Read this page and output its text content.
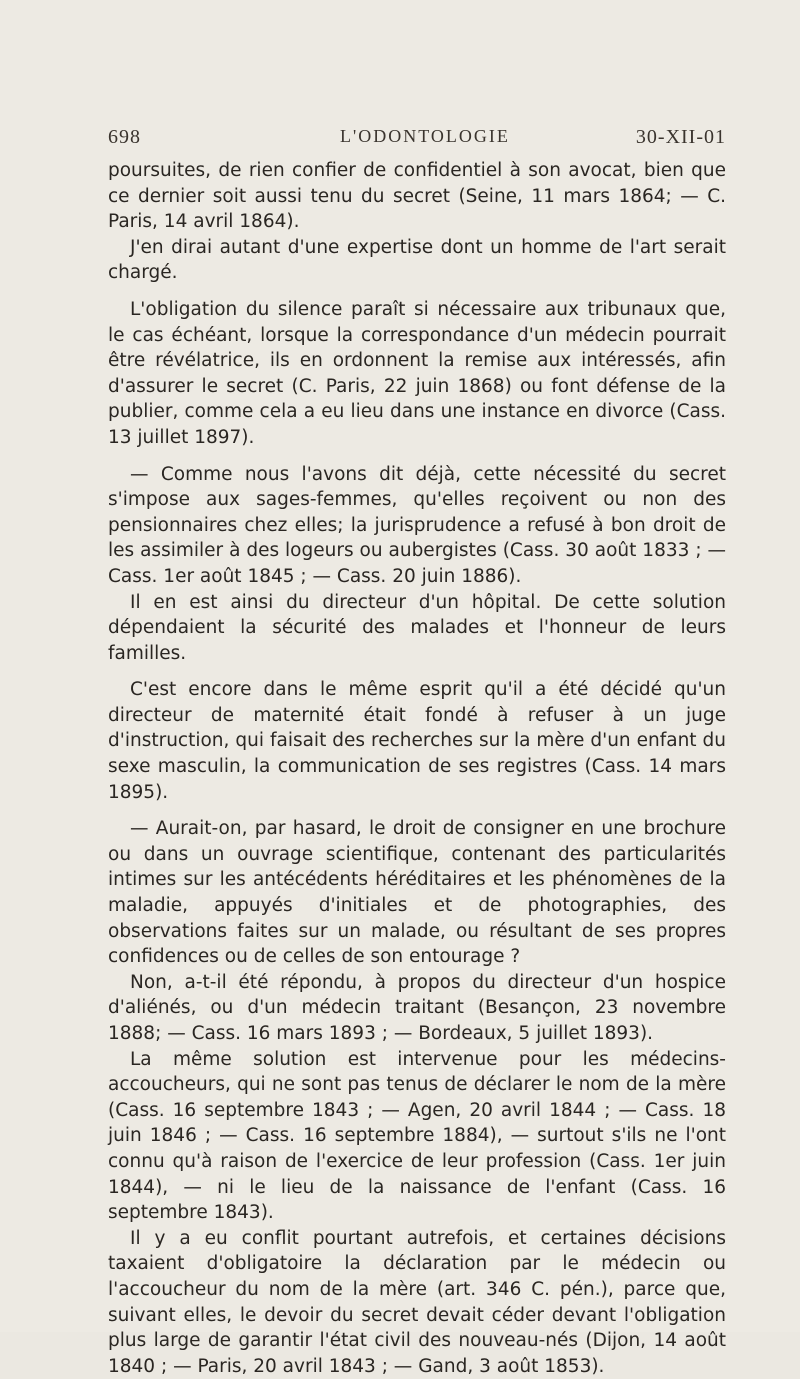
698	L'ODONTOLOGIE	30-XII-01

poursuites, de rien confier de confidentiel à son avocat, bien que ce dernier soit aussi tenu du secret (Seine, 11 mars 1864; — C. Paris, 14 avril 1864).

J'en dirai autant d'une expertise dont un homme de l'art serait chargé.

L'obligation du silence paraît si nécessaire aux tribunaux que, le cas échéant, lorsque la correspondance d'un médecin pourrait être révélatrice, ils en ordonnent la remise aux intéressés, afin d'assurer le secret (C. Paris, 22 juin 1868) ou font défense de la publier, comme cela a eu lieu dans une instance en divorce (Cass. 13 juillet 1897).

— Comme nous l'avons dit déjà, cette nécessité du secret s'impose aux sages-femmes, qu'elles reçoivent ou non des pensionnaires chez elles; la jurisprudence a refusé à bon droit de les assimiler à des logeurs ou aubergistes (Cass. 30 août 1833 ; — Cass. 1er août 1845 ; — Cass. 20 juin 1886).

Il en est ainsi du directeur d'un hôpital. De cette solution dépendaient la sécurité des malades et l'honneur de leurs familles.

C'est encore dans le même esprit qu'il a été décidé qu'un directeur de maternité était fondé à refuser à un juge d'instruction, qui faisait des recherches sur la mère d'un enfant du sexe masculin, la communication de ses registres (Cass. 14 mars 1895).

— Aurait-on, par hasard, le droit de consigner en une brochure ou dans un ouvrage scientifique, contenant des particularités intimes sur les antécédents héréditaires et les phénomènes de la maladie, appuyés d'initiales et de photographies, des observations faites sur un malade, ou résultant de ses propres confidences ou de celles de son entourage ?

Non, a-t-il été répondu, à propos du directeur d'un hospice d'aliénés, ou d'un médecin traitant (Besançon, 23 novembre 1888; — Cass. 16 mars 1893 ; — Bordeaux, 5 juillet 1893).

La même solution est intervenue pour les médecins-accoucheurs, qui ne sont pas tenus de déclarer le nom de la mère (Cass. 16 septembre 1843 ; — Agen, 20 avril 1844 ; — Cass. 18 juin 1846 ; — Cass. 16 septembre 1884), — surtout s'ils ne l'ont connu qu'à raison de l'exercice de leur profession (Cass. 1er juin 1844), — ni le lieu de la naissance de l'enfant (Cass. 16 septembre 1843).

Il y a eu conflit pourtant autrefois, et certaines décisions taxaient d'obligatoire la déclaration par le médecin ou l'accoucheur du nom de la mère (art. 346 C. pén.), parce que, suivant elles, le devoir du secret devait céder devant l'obligation plus large de garantir l'état civil des nouveau-nés (Dijon, 14 août 1840 ; — Paris, 20 avril 1843 ; — Gand, 3 août 1853).
